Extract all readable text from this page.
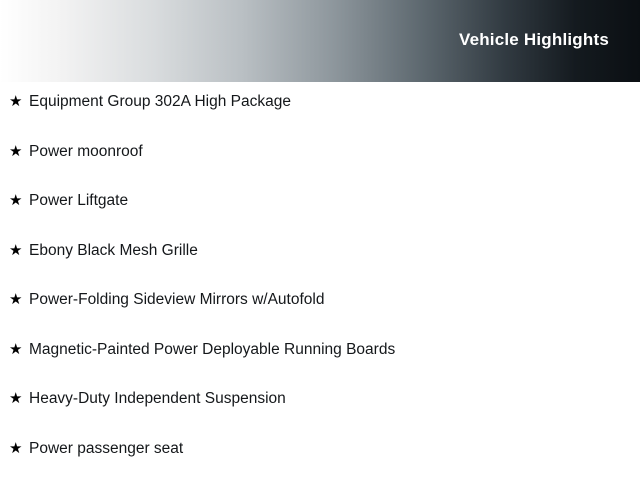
Vehicle Highlights
★ Equipment Group 302A High Package
★ Power moonroof
★ Power Liftgate
★ Ebony Black Mesh Grille
★ Power-Folding Sideview Mirrors w/Autofold
★ Magnetic-Painted Power Deployable Running Boards
★ Heavy-Duty Independent Suspension
★ Power passenger seat
